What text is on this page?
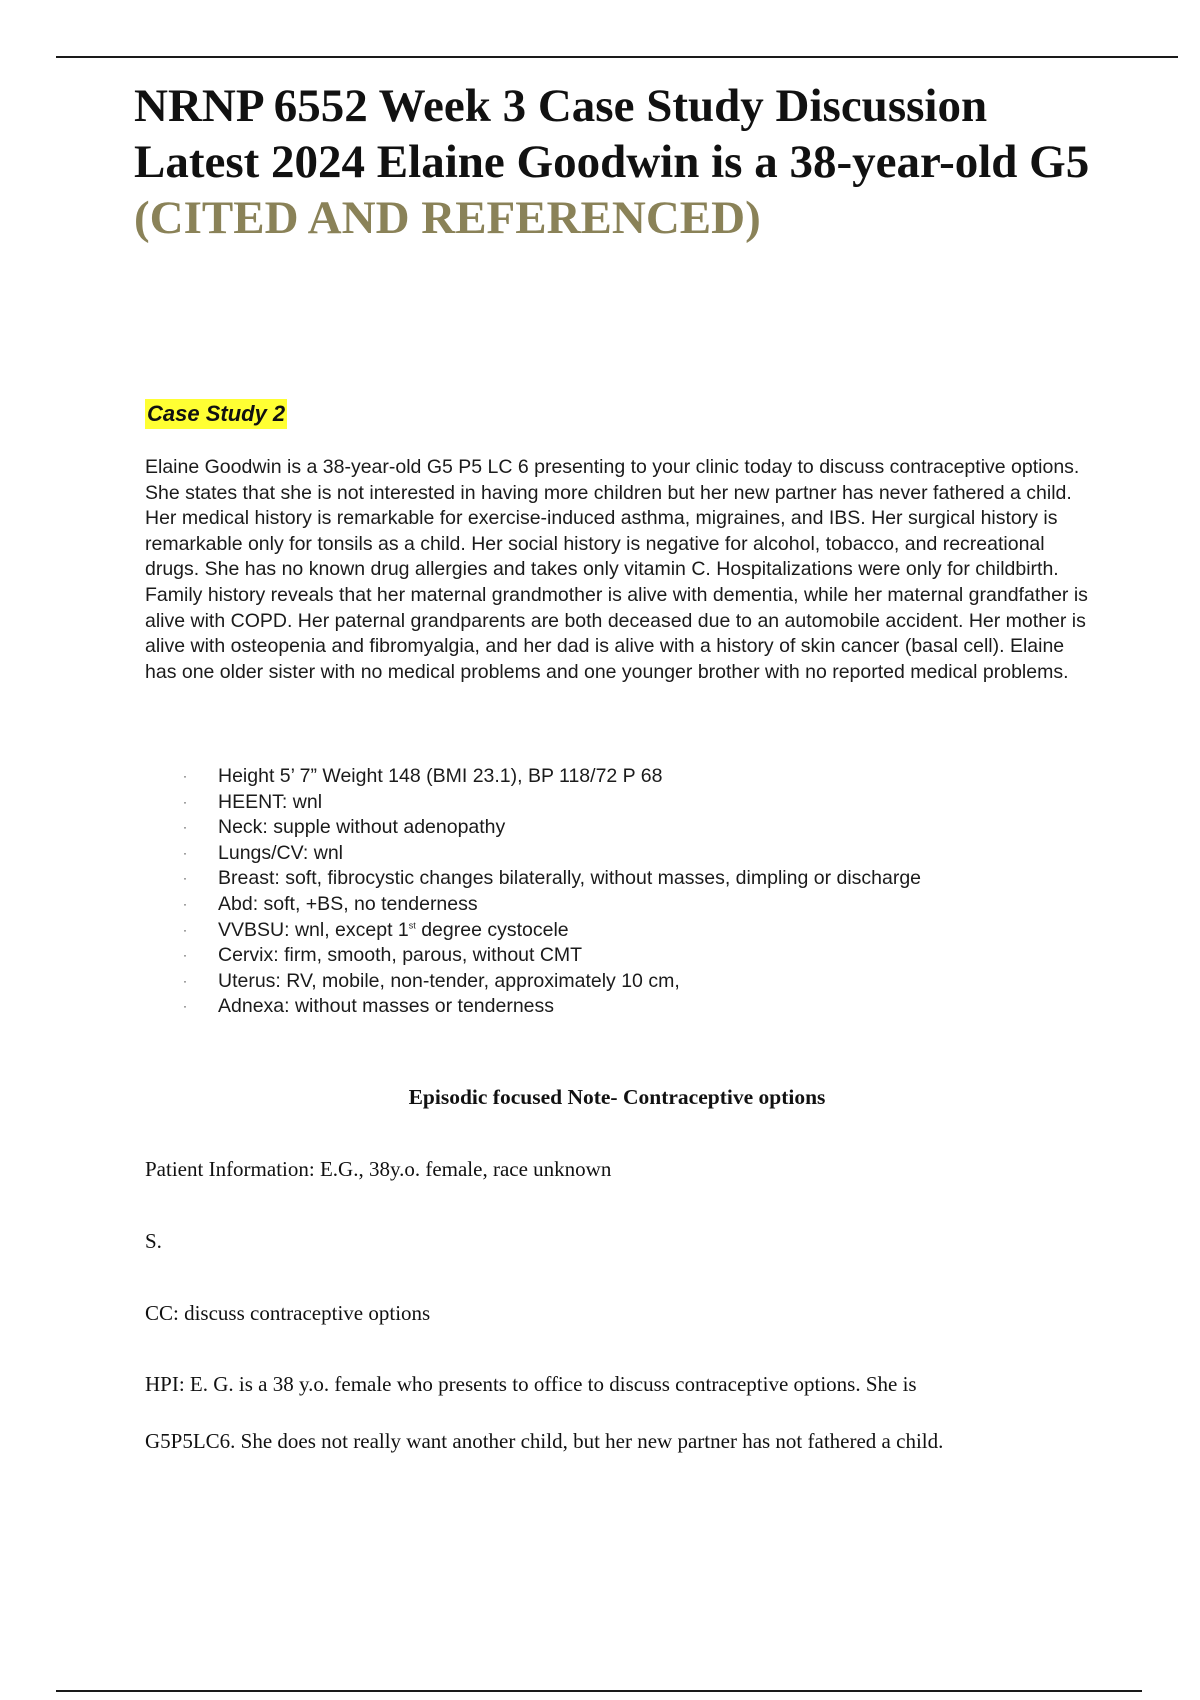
NRNP 6552 Week 3 Case Study Discussion Latest 2024 Elaine Goodwin is a 38-year-old G5 (CITED AND REFERENCED)
Case Study 2

Elaine Goodwin is a 38-year-old G5 P5 LC 6 presenting to your clinic today to discuss contraceptive options. She states that she is not interested in having more children but her new partner has never fathered a child. Her medical history is remarkable for exercise-induced asthma, migraines, and IBS. Her surgical history is remarkable only for tonsils as a child. Her social history is negative for alcohol, tobacco, and recreational drugs. She has no known drug allergies and takes only vitamin C. Hospitalizations were only for childbirth. Family history reveals that her maternal grandmother is alive with dementia, while her maternal grandfather is alive with COPD. Her paternal grandparents are both deceased due to an automobile accident. Her mother is alive with osteopenia and fibromyalgia, and her dad is alive with a history of skin cancer (basal cell). Elaine has one older sister with no medical problems and one younger brother with no reported medical problems.

· Height 5’ 7” Weight 148 (BMI 23.1), BP 118/72 P 68
· HEENT: wnl
· Neck: supple without adenopathy
· Lungs/CV: wnl
· Breast: soft, fibrocystic changes bilaterally, without masses, dimpling or discharge
· Abd: soft, +BS, no tenderness
· VVBSU: wnl, except 1st degree cystocele
· Cervix: firm, smooth, parous, without CMT
· Uterus: RV, mobile, non-tender, approximately 10 cm,
· Adnexa: without masses or tenderness
Episodic focused Note- Contraceptive options

Patient Information: E.G., 38y.o. female, race unknown

S.

CC: discuss contraceptive options

HPI: E. G. is a 38 y.o. female who presents to office to discuss contraceptive options. She is

G5P5LC6. She does not really want another child, but her new partner has not fathered a child.
